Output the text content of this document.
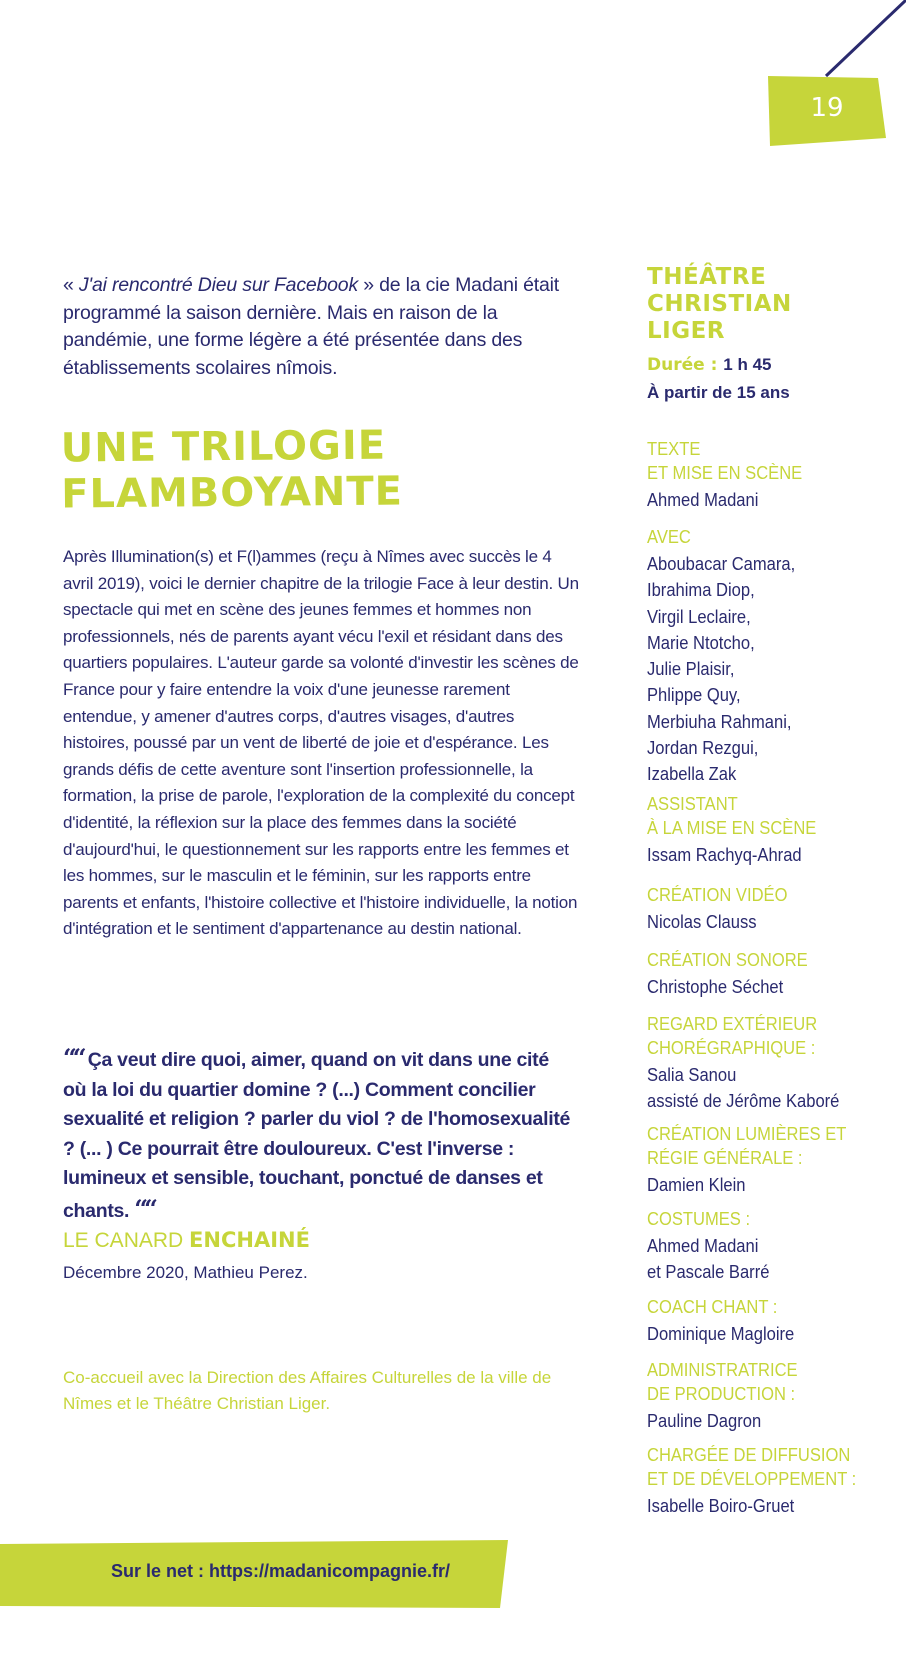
19

« J'ai rencontré Dieu sur Facebook » de la cie Madani était programmé la saison dernière. Mais en raison de la pandémie, une forme légère a été présentée dans des établissements scolaires nîmois.

UNE TRILOGIE
FLAMBOYANTE

Après Illumination(s) et F(l)ammes (reçu à Nîmes avec succès le 4 avril 2019), voici le dernier chapitre de la trilogie Face à leur destin. Un spectacle qui met en scène des jeunes femmes et hommes non professionnels, nés de parents ayant vécu l'exil et résidant dans des quartiers populaires. L'auteur garde sa volonté d'investir les scènes de France pour y faire entendre la voix d'une jeunesse rarement entendue, y amener d'autres corps, d'autres visages, d'autres histoires, poussé par un vent de liberté de joie et d'espérance. Les grands défis de cette aventure sont l'insertion professionnelle, la formation, la prise de parole, l'exploration de la complexité du concept d'identité, la réflexion sur la place des femmes dans la société d'aujourd'hui, le questionnement sur les rapports entre les femmes et les hommes, sur le masculin et le féminin, sur les rapports entre parents et enfants, l'histoire collective et l'histoire individuelle, la notion d'intégration et le sentiment d'appartenance au destin national.

““ Ça veut dire quoi, aimer, quand on vit dans une cité où la loi du quartier domine ? (...) Comment concilier sexualité et religion ? parler du viol ? de l'homosexualité ? (... ) Ce pourrait être douloureux. C'est l'inverse : lumineux et sensible, touchant, ponctué de danses et chants. ““

LE CANARD ENCHAINÉ
Décembre 2020, Mathieu Perez.

Co-accueil avec la Direction des Affaires Culturelles de la ville de Nîmes et le Théâtre Christian Liger.

Sur le net : https://madanicompagnie.fr/
THÉÂTRE
CHRISTIAN
LIGER
Durée : 1 h 45
À partir de 15 ans

TEXTE
ET MISE EN SCÈNE

Ahmed Madani

AVEC

Aboubacar Camara,
Ibrahima Diop,
Virgil Leclaire,
Marie Ntotcho,
Julie Plaisir,
Phlippe Quy,
Merbiuha Rahmani,
Jordan Rezgui,
Izabella Zak

ASSISTANT
À LA MISE EN SCÈNE

Issam Rachyq-Ahrad

CRÉATION VIDÉO

Nicolas Clauss

CRÉATION SONORE

Christophe Séchet

REGARD EXTÉRIEUR
CHORÉGRAPHIQUE :

Salia Sanou
assisté de Jérôme Kaboré

CRÉATION LUMIÈRES ET
RÉGIE GÉNÉRALE :

Damien Klein

COSTUMES :

Ahmed Madani
et Pascale Barré

COACH CHANT :

Dominique Magloire

ADMINISTRATRICE
DE PRODUCTION :

Pauline Dagron

CHARGÉE DE DIFFUSION
ET DE DÉVELOPPEMENT :

Isabelle Boiro-Gruet
